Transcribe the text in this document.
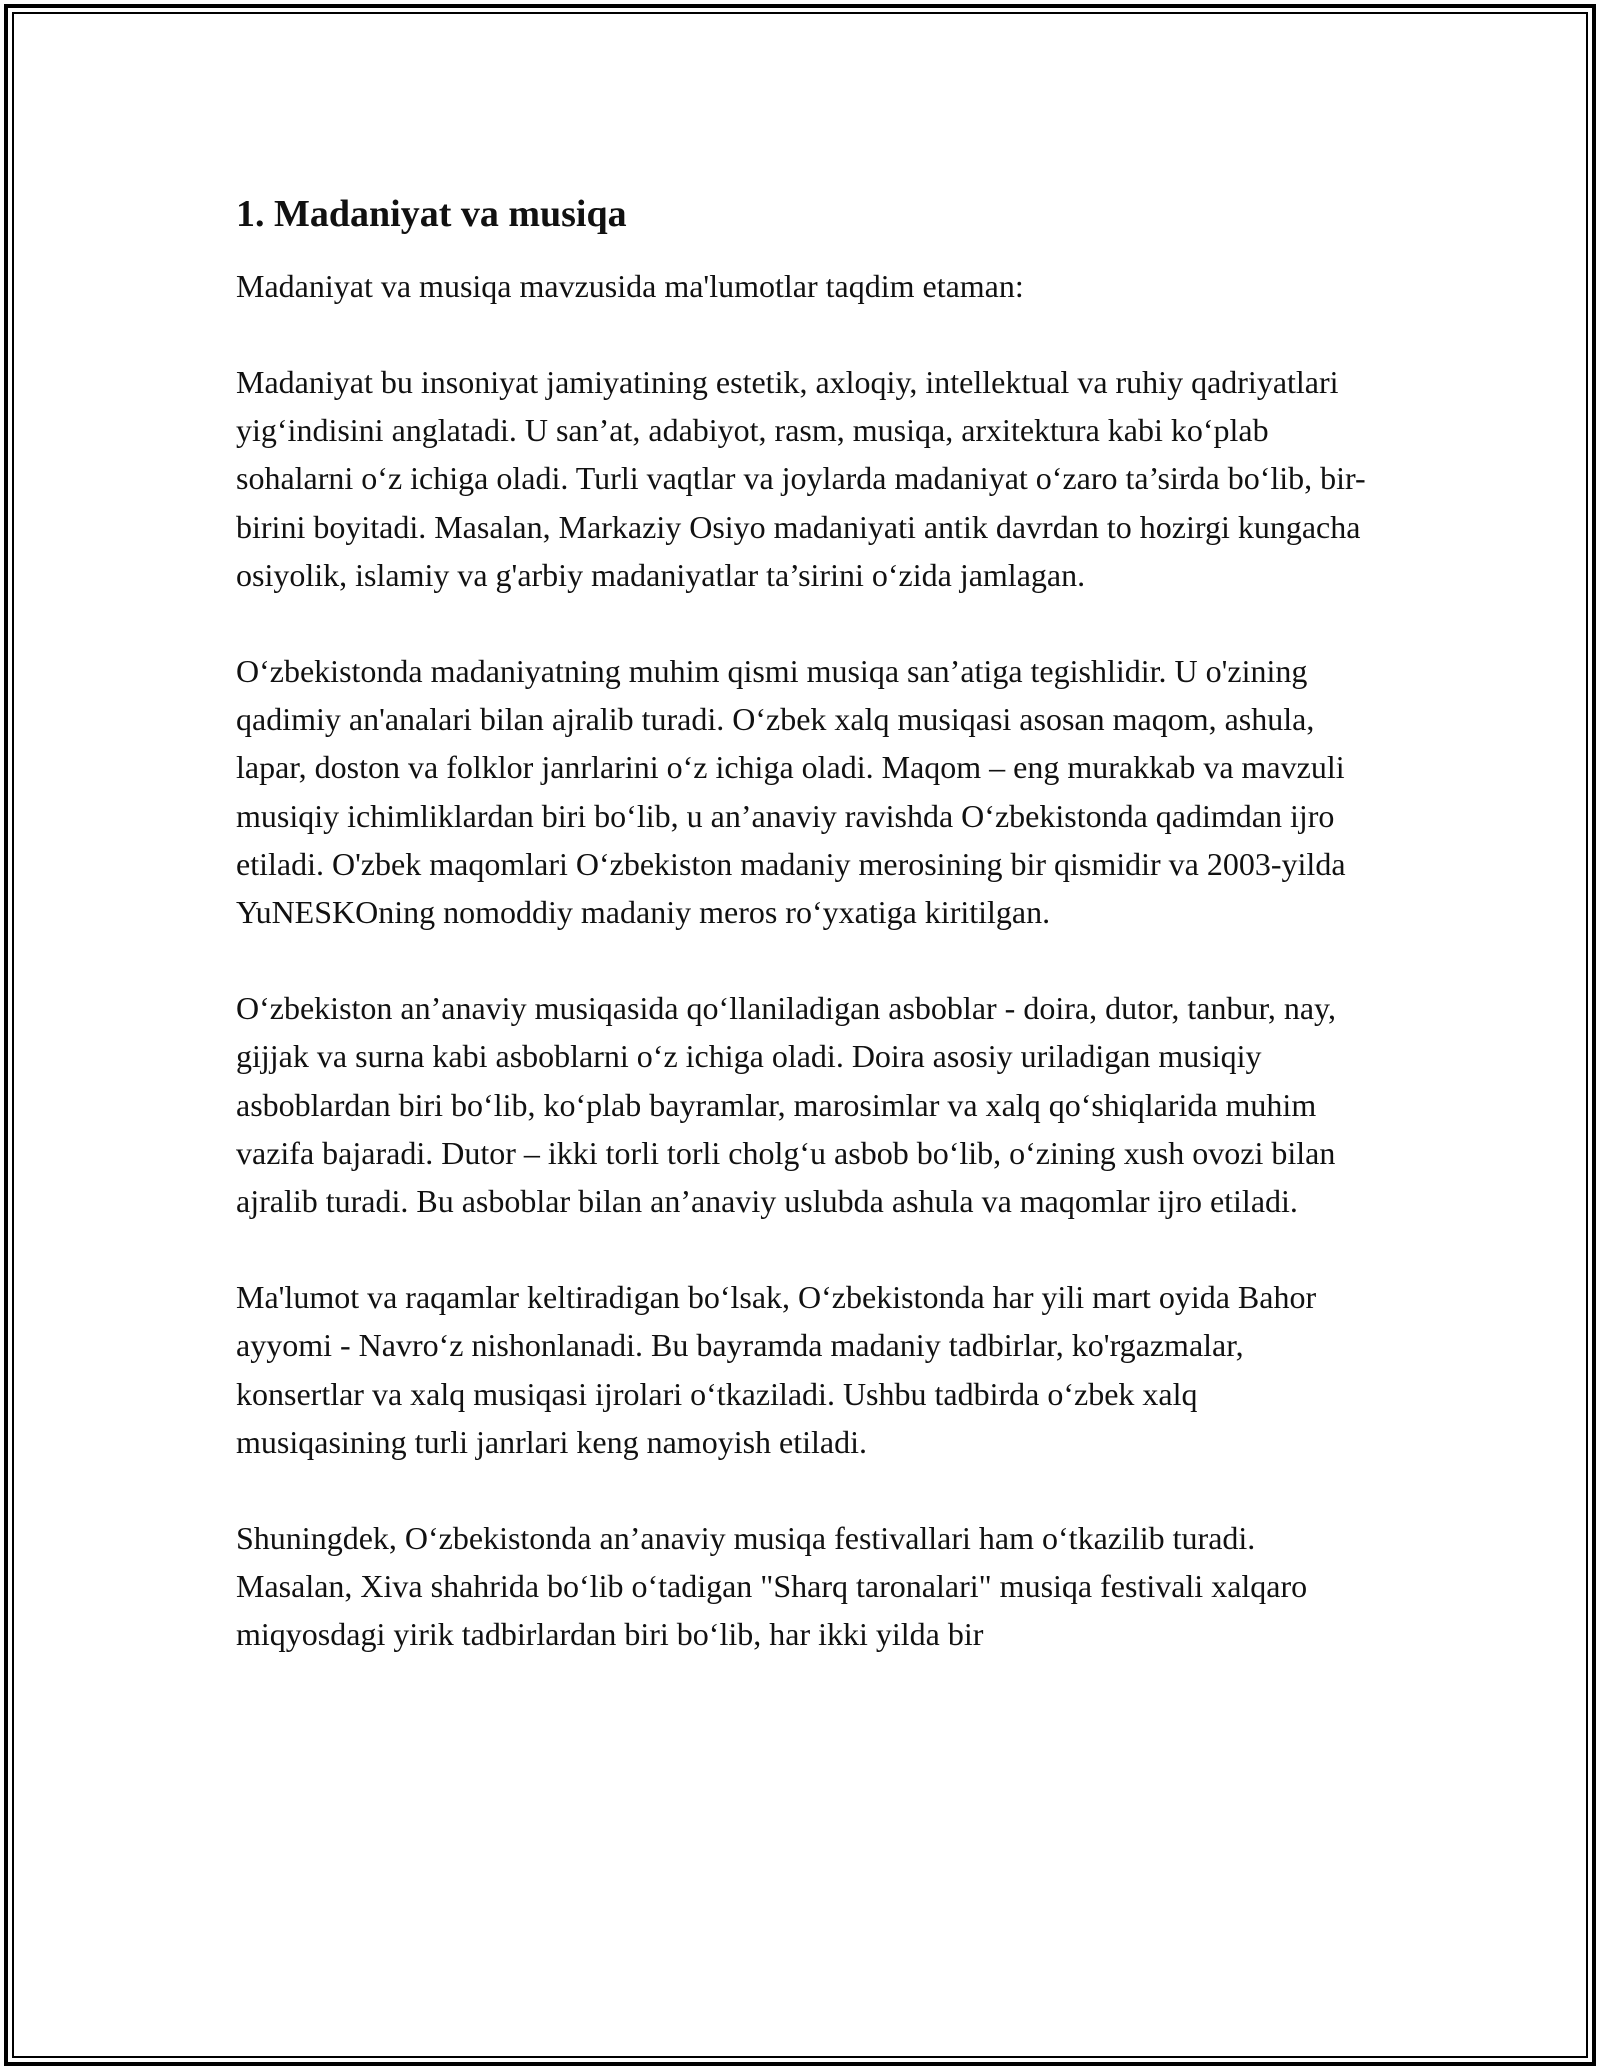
1. Madaniyat va musiqa

Madaniyat va musiqa mavzusida ma'lumotlar taqdim etaman:

Madaniyat bu insoniyat jamiyatining estetik, axloqiy, intellektual va ruhiy qadriyatlari yig‘indisini anglatadi. U san’at, adabiyot, rasm, musiqa, arxitektura kabi ko‘plab sohalarni o‘z ichiga oladi. Turli vaqtlar va joylarda madaniyat o‘zaro ta’sirda bo‘lib, bir-birini boyitadi. Masalan, Markaziy Osiyo madaniyati antik davrdan to hozirgi kungacha osiyolik, islamiy va g'arbiy madaniyatlar ta’sirini o‘zida jamlagan.

O‘zbekistonda madaniyatning muhim qismi musiqa san’atiga tegishlidir. U o'zining qadimiy an'analari bilan ajralib turadi. O‘zbek xalq musiqasi asosan maqom, ashula, lapar, doston va folklor janrlarini o‘z ichiga oladi. Maqom – eng murakkab va mavzuli musiqiy ichimliklardan biri bo‘lib, u an’anaviy ravishda O‘zbekistonda qadimdan ijro etiladi. O'zbek maqomlari O‘zbekiston madaniy merosining bir qismidir va 2003-yilda YuNESKOning nomoddiy madaniy meros ro‘yxatiga kiritilgan.

O‘zbekiston an’anaviy musiqasida qo‘llaniladigan asboblar - doira, dutor, tanbur, nay, gijjak va surna kabi asboblarni o‘z ichiga oladi. Doira asosiy uriladigan musiqiy asboblardan biri bo‘lib, ko‘plab bayramlar, marosimlar va xalq qo‘shiqlarida muhim vazifa bajaradi. Dutor – ikki torli torli cholg‘u asbob bo‘lib, o‘zining xush ovozi bilan ajralib turadi. Bu asboblar bilan an’anaviy uslubda ashula va maqomlar ijro etiladi.

Ma'lumot va raqamlar keltiradigan bo‘lsak, O‘zbekistonda har yili mart oyida Bahor ayyomi - Navro‘z nishonlanadi. Bu bayramda madaniy tadbirlar, ko'rgazmalar, konsertlar va xalq musiqasi ijrolari o‘tkaziladi. Ushbu tadbirda o‘zbek xalq musiqasining turli janrlari keng namoyish etiladi.

Shuningdek, O‘zbekistonda an’anaviy musiqa festivallari ham o‘tkazilib turadi. Masalan, Xiva shahrida bo‘lib o‘tadigan "Sharq taronalari" musiqa festivali xalqaro miqyosdagi yirik tadbirlardan biri bo‘lib, har ikki yilda bir
